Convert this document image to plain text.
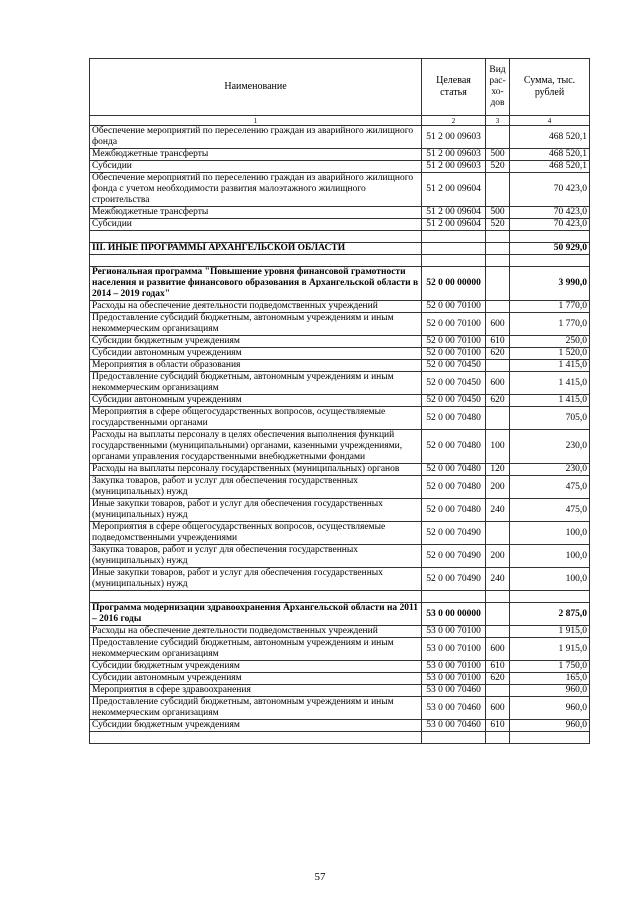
Наименование	Целевая статья	Вид рас- хо- дов	Сумма, тыс. рублей
1	2	3	4
Обеспечение мероприятий по переселению граждан из аварийного жилищного фонда	51 2 00 09603		468 520,1
Межбюджетные трансферты	51 2 00 09603	500	468 520,1
Субсидии	51 2 00 09603	520	468 520,1
Обеспечение мероприятий по переселению граждан из аварийного жилищного фонда с учетом необходимости развития малоэтажного жилищного строительства	51 2 00 09604		70 423,0
Межбюджетные трансферты	51 2 00 09604	500	70 423,0
Субсидии	51 2 00 09604	520	70 423,0

III. ИНЫЕ ПРОГРАММЫ АРХАНГЕЛЬСКОЙ ОБЛАСТИ			50 929,0

Региональная программа "Повышение уровня финансовой грамотности населения и развитие финансового образования в Архангельской области в 2014 – 2019 годах"	52 0 00 00000		3 990,0
Расходы на обеспечение деятельности подведомственных учреждений	52 0 00 70100		1 770,0
Предоставление субсидий бюджетным, автономным учреждениям и иным некоммерческим организациям	52 0 00 70100	600	1 770,0
Субсидии бюджетным учреждениям	52 0 00 70100	610	250,0
Субсидии автономным учреждениям	52 0 00 70100	620	1 520,0
Мероприятия в области образования	52 0 00 70450		1 415,0
Предоставление субсидий бюджетным, автономным учреждениям и иным некоммерческим организациям	52 0 00 70450	600	1 415,0
Субсидии автономным учреждениям	52 0 00 70450	620	1 415,0
Мероприятия в сфере общегосударственных вопросов, осуществляемые государственными органами	52 0 00 70480		705,0
Расходы на выплаты персоналу в целях обеспечения выполнения функций государственными (муниципальными) органами, казенными учреждениями, органами управления государственными внебюджетными фондами	52 0 00 70480	100	230,0
Расходы на выплаты персоналу государственных (муниципальных) органов	52 0 00 70480	120	230,0
Закупка товаров, работ и услуг для обеспечения государственных (муниципальных) нужд	52 0 00 70480	200	475,0
Иные закупки товаров, работ и услуг для обеспечения государственных (муниципальных) нужд	52 0 00 70480	240	475,0
Мероприятия в сфере общегосударственных вопросов, осуществляемые подведомственными учреждениями	52 0 00 70490		100,0
Закупка товаров, работ и услуг для обеспечения государственных (муниципальных) нужд	52 0 00 70490	200	100,0
Иные закупки товаров, работ и услуг для обеспечения государственных (муниципальных) нужд	52 0 00 70490	240	100,0

Программа модернизации здравоохранения Архангельской области на 2011 – 2016 годы	53 0 00 00000		2 875,0
Расходы на обеспечение деятельности подведомственных учреждений	53 0 00 70100		1 915,0
Предоставление субсидий бюджетным, автономным учреждениям и иным некоммерческим организациям	53 0 00 70100	600	1 915,0
Субсидии бюджетным учреждениям	53 0 00 70100	610	1 750,0
Субсидии автономным учреждениям	53 0 00 70100	620	165,0
Мероприятия в сфере здравоохранения	53 0 00 70460		960,0
Предоставление субсидий бюджетным, автономным учреждениям и иным некоммерческим организациям	53 0 00 70460	600	960,0
Субсидии бюджетным учреждениям	53 0 00 70460	610	960,0

57
